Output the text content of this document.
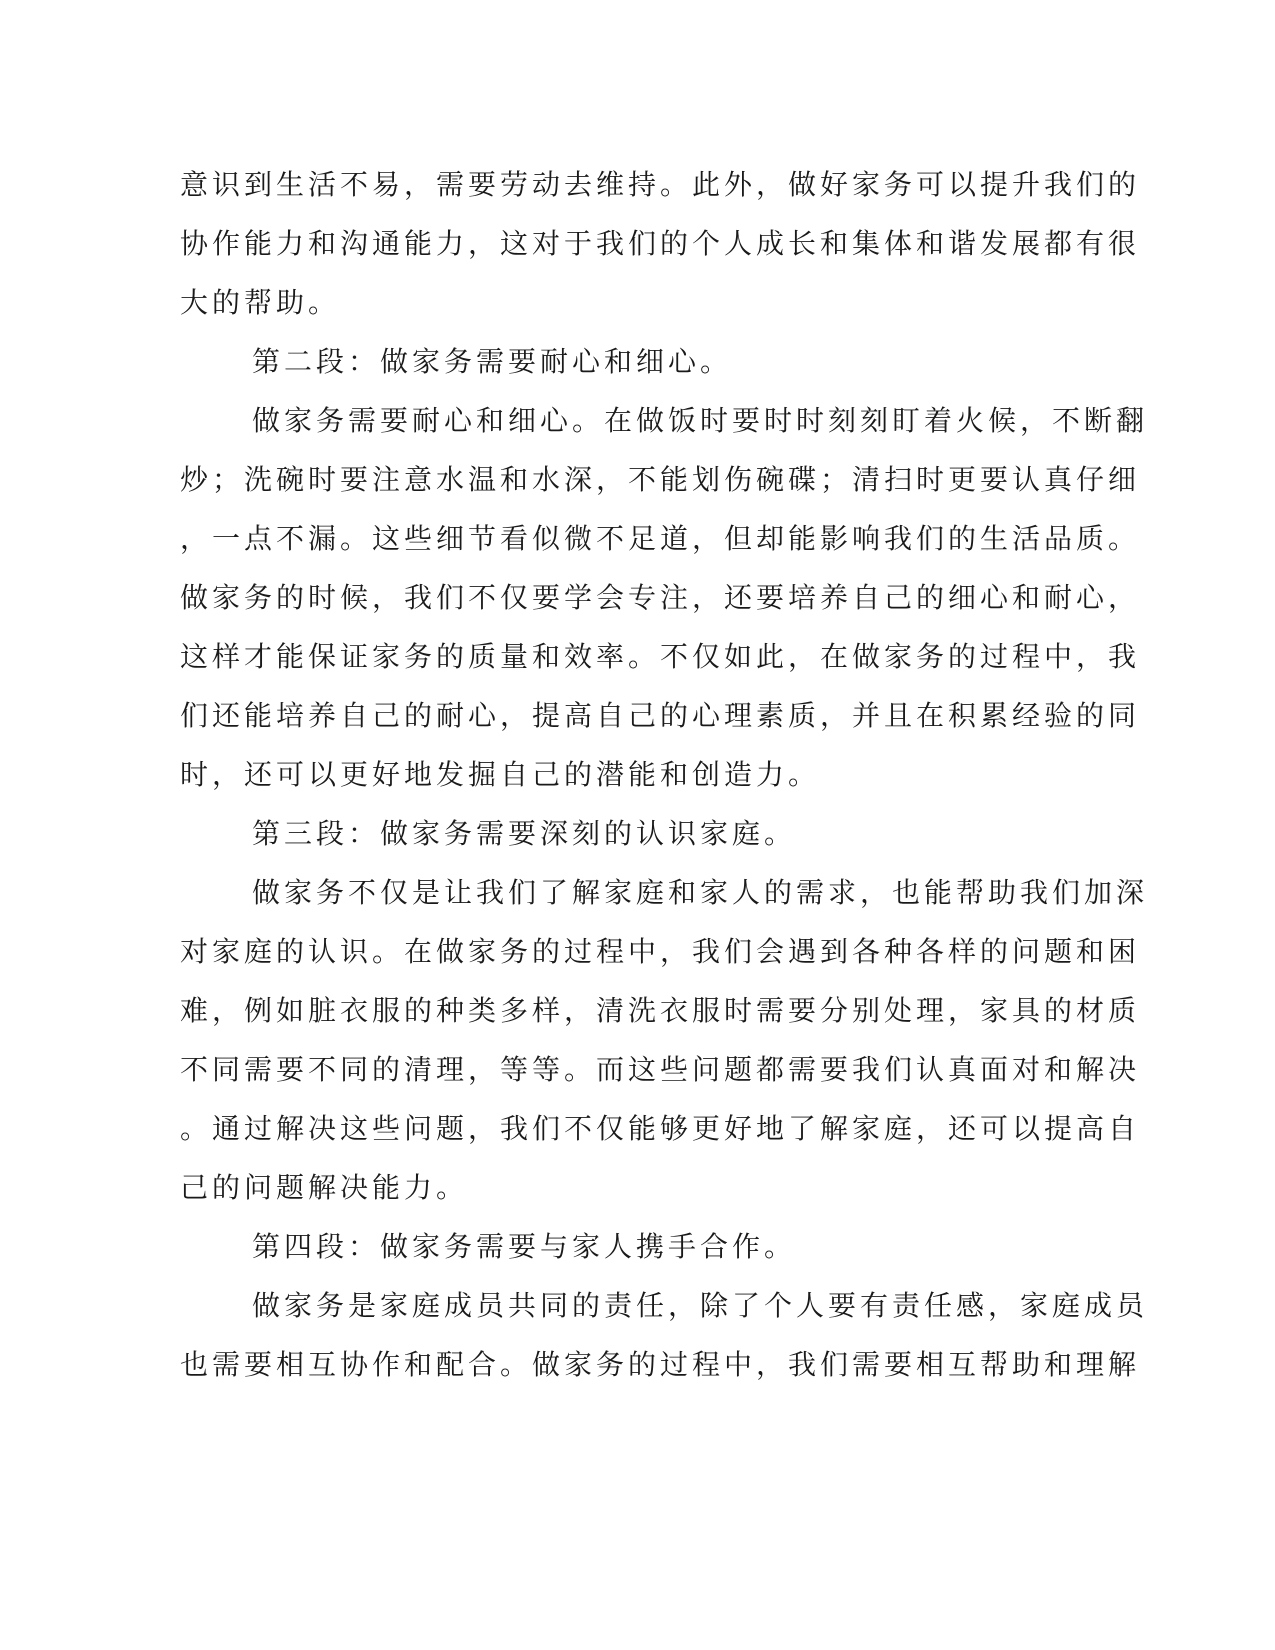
意识到生活不易，需要劳动去维持。此外，做好家务可以提升我们的
协作能力和沟通能力，这对于我们的个人成长和集体和谐发展都有很
大的帮助。
第二段：做家务需要耐心和细心。
做家务需要耐心和细心。在做饭时要时时刻刻盯着火候，不断翻
炒；洗碗时要注意水温和水深，不能划伤碗碟；清扫时更要认真仔细
，一点不漏。这些细节看似微不足道，但却能影响我们的生活品质。
做家务的时候，我们不仅要学会专注，还要培养自己的细心和耐心，
这样才能保证家务的质量和效率。不仅如此，在做家务的过程中，我
们还能培养自己的耐心，提高自己的心理素质，并且在积累经验的同
时，还可以更好地发掘自己的潜能和创造力。
第三段：做家务需要深刻的认识家庭。
做家务不仅是让我们了解家庭和家人的需求，也能帮助我们加深
对家庭的认识。在做家务的过程中，我们会遇到各种各样的问题和困
难，例如脏衣服的种类多样，清洗衣服时需要分别处理，家具的材质
不同需要不同的清理，等等。而这些问题都需要我们认真面对和解决
。通过解决这些问题，我们不仅能够更好地了解家庭，还可以提高自
己的问题解决能力。
第四段：做家务需要与家人携手合作。
做家务是家庭成员共同的责任，除了个人要有责任感，家庭成员
也需要相互协作和配合。做家务的过程中，我们需要相互帮助和理解
